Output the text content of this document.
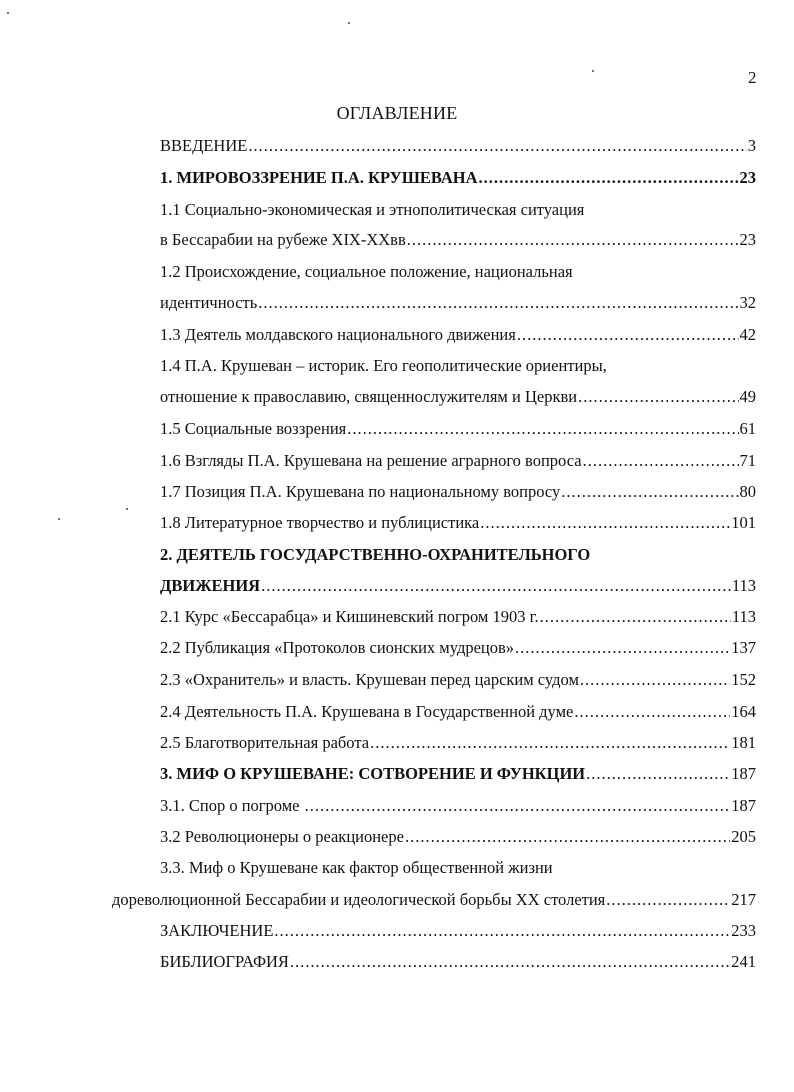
2
ОГЛАВЛЕНИЕ
ВВЕДЕНИЕ .....	3
1. МИРОВОЗЗРЕНИЕ П.А. КРУШЕВАНА .....	23
1.1 Социально-экономическая и этнополитическая ситуация
в Бессарабии на рубеже XIX-XXвв .....	23
1.2 Происхождение, социальное положение, национальная
идентичность .....	32
1.3 Деятель молдавского национального движения .....	42
1.4 П.А. Крушеван – историк. Его геополитические ориентиры,
отношение к православию, священнослужителям и Церкви .....	49
1.5 Социальные воззрения .....	61
1.6 Взгляды П.А. Крушевана на решение аграрного вопроса .....	71
1.7 Позиция П.А. Крушевана по национальному вопросу .....	80
1.8 Литературное творчество и публицистика .....	101
2. ДЕЯТЕЛЬ ГОСУДАРСТВЕННО-ОХРАНИТЕЛЬНОГО
ДВИЖЕНИЯ .....	113
2.1 Курс «Бессарабца» и Кишиневский погром 1903 г. .....	113
2.2 Публикация «Протоколов сионских мудрецов» .....	137
2.3 «Охранитель» и власть. Крушеван перед царским судом .....	152
2.4 Деятельность П.А. Крушевана в Государственной думе .....	164
2.5 Благотворительная работа .....	181
3. МИФ О КРУШЕВАНЕ: СОТВОРЕНИЕ И ФУНКЦИИ .....	187
3.1. Спор о погроме .....	187
3.2 Революционеры о реакционере .....	205
3.3. Миф о Крушеване как фактор общественной жизни
дореволюционной Бессарабии и идеологической борьбы XX столетия .....	217
ЗАКЛЮЧЕНИЕ .....	233
БИБЛИОГРАФИЯ .....	241
